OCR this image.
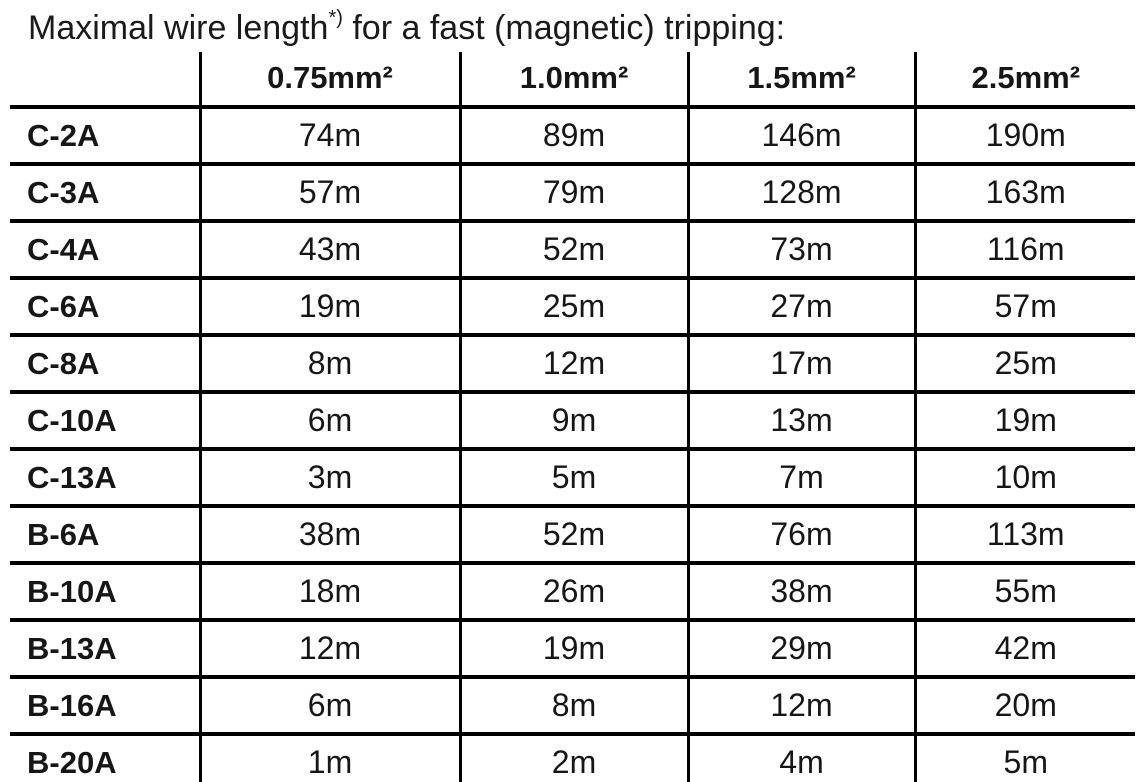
Maximal wire length*) for a fast (magnetic) tripping:
	0.75mm²	1.0mm²	1.5mm²	2.5mm²
C-2A	74m	89m	146m	190m
C-3A	57m	79m	128m	163m
C-4A	43m	52m	73m	116m
C-6A	19m	25m	27m	57m
C-8A	8m	12m	17m	25m
C-10A	6m	9m	13m	19m
C-13A	3m	5m	7m	10m
B-6A	38m	52m	76m	113m
B-10A	18m	26m	38m	55m
B-13A	12m	19m	29m	42m
B-16A	6m	8m	12m	20m
B-20A	1m	2m	4m	5m
